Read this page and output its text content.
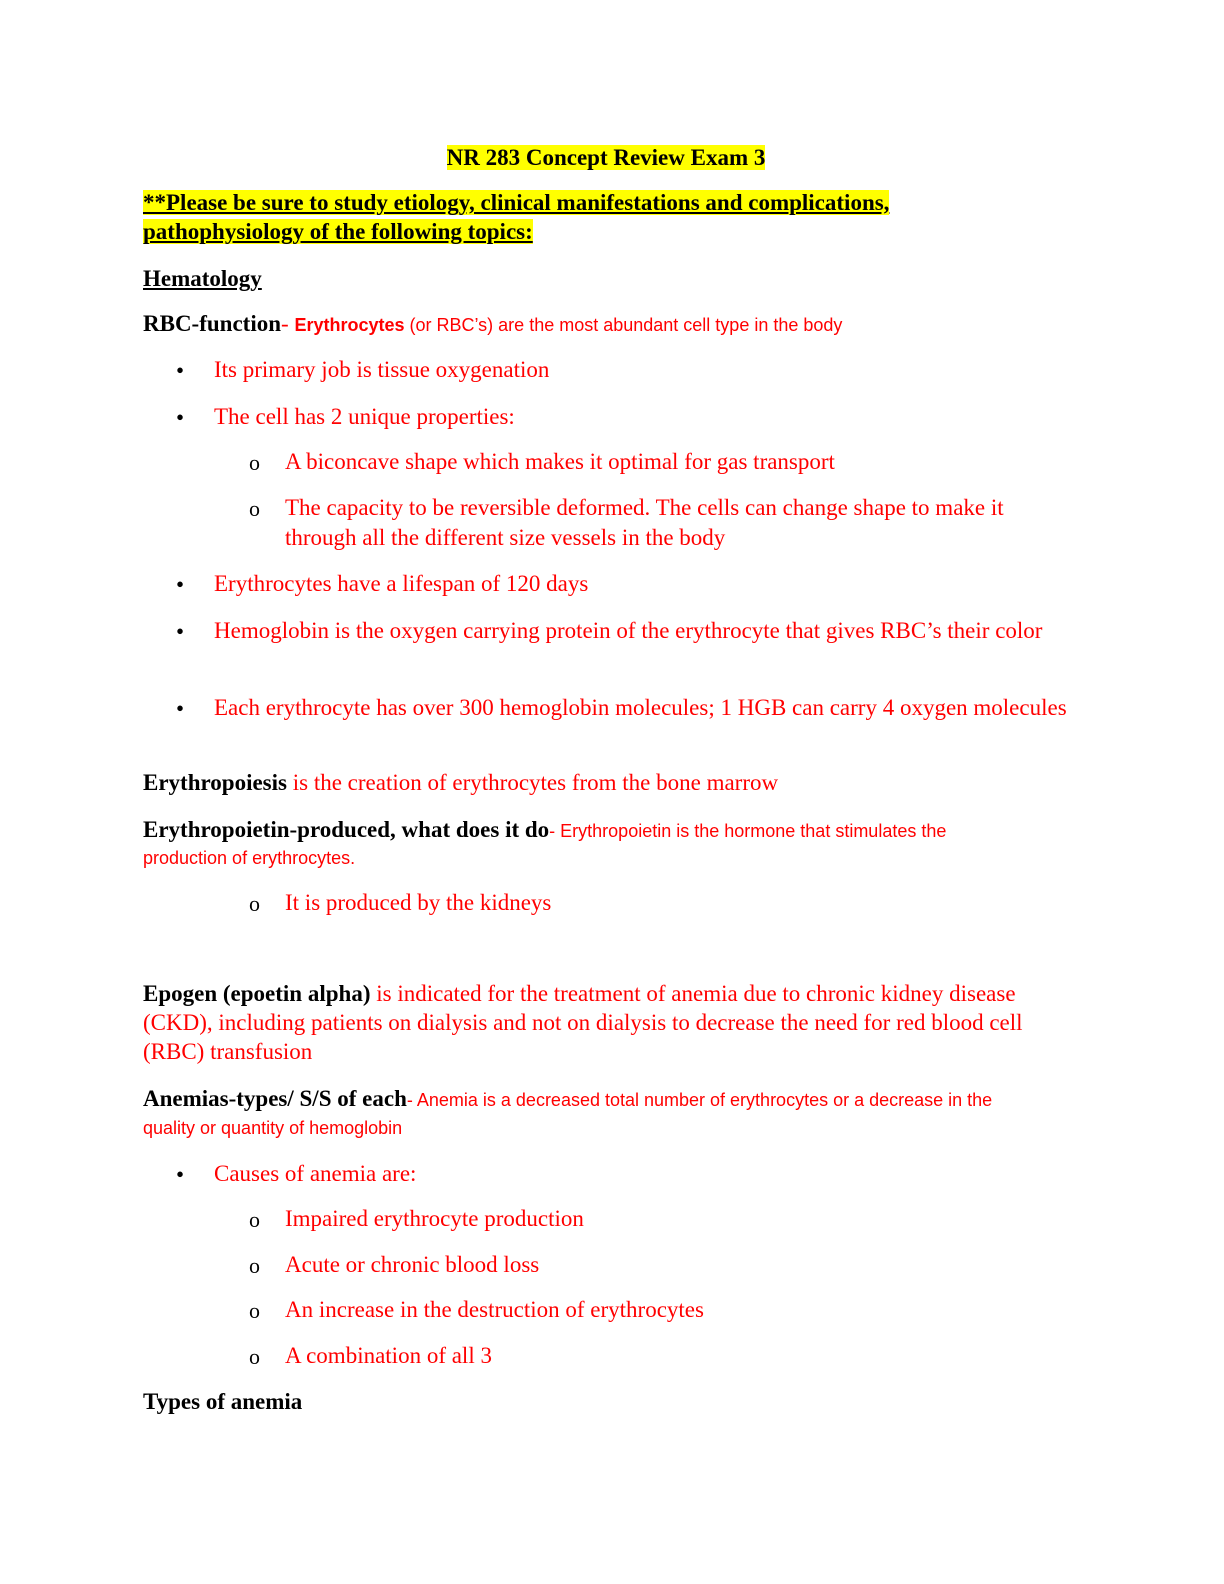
NR 283 Concept Review Exam 3
**Please be sure to study etiology, clinical manifestations and complications,
pathophysiology of the following topics:
Hematology
RBC-function- Erythrocytes (or RBC’s) are the most abundant cell type in the body
• Its primary job is tissue oxygenation
• The cell has 2 unique properties:
o A biconcave shape which makes it optimal for gas transport
o The capacity to be reversible deformed. The cells can change shape to make it through all the different size vessels in the body
• Erythrocytes have a lifespan of 120 days
• Hemoglobin is the oxygen carrying protein of the erythrocyte that gives RBC’s their color
• Each erythrocyte has over 300 hemoglobin molecules; 1 HGB can carry 4 oxygen molecules
Erythropoiesis is the creation of erythrocytes from the bone marrow
Erythropoietin-produced, what does it do- Erythropoietin is the hormone that stimulates the
production of erythrocytes.
o It is produced by the kidneys
Epogen (epoetin alpha) is indicated for the treatment of anemia due to chronic kidney disease (CKD), including patients on dialysis and not on dialysis to decrease the need for red blood cell (RBC) transfusion
Anemias-types/ S/S of each- Anemia is a decreased total number of erythrocytes or a decrease in the
quality or quantity of hemoglobin
• Causes of anemia are:
o Impaired erythrocyte production
o Acute or chronic blood loss
o An increase in the destruction of erythrocytes
o A combination of all 3
Types of anemia
